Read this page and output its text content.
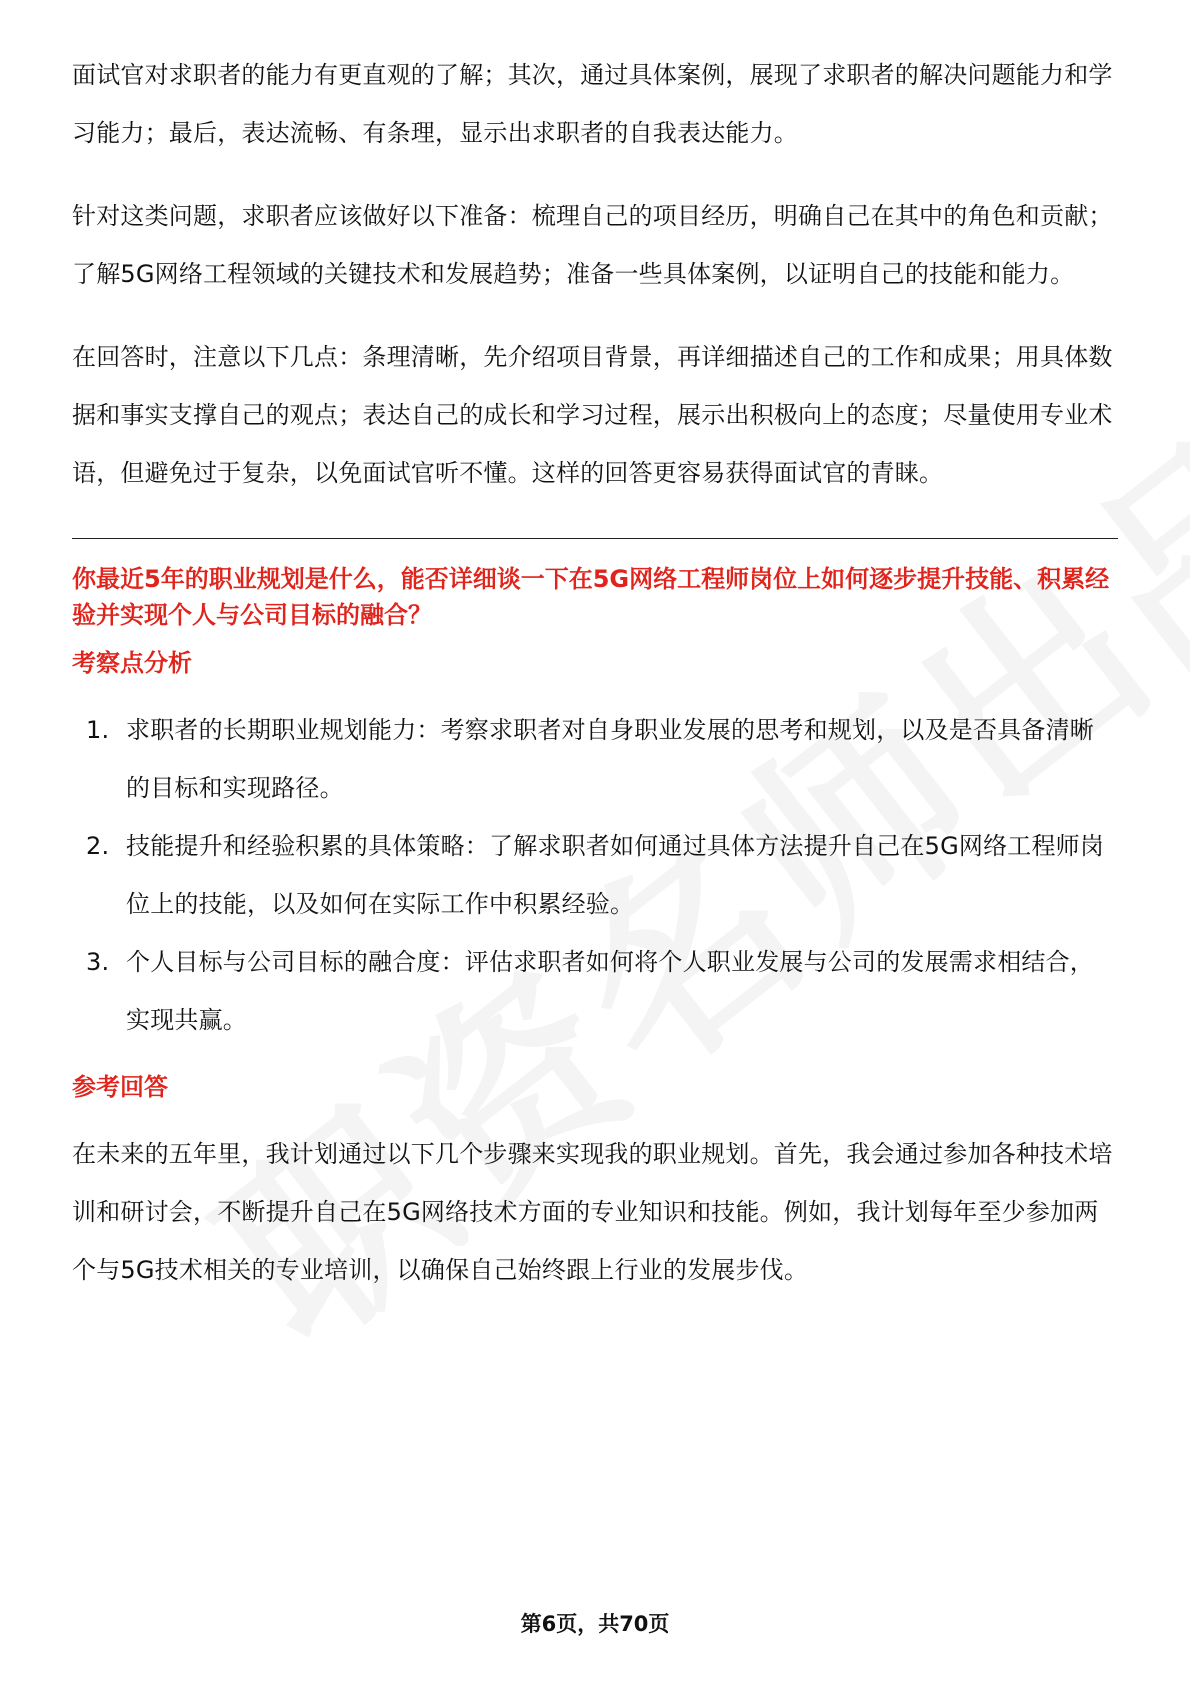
面试官对求职者的能力有更直观的了解；其次，通过具体案例，展现了求职者的解决问题能力和学习能力；最后，表达流畅、有条理，显示出求职者的自我表达能力。

针对这类问题，求职者应该做好以下准备：梳理自己的项目经历，明确自己在其中的角色和贡献；了解5G网络工程领域的关键技术和发展趋势；准备一些具体案例，以证明自己的技能和能力。

在回答时，注意以下几点：条理清晰，先介绍项目背景，再详细描述自己的工作和成果；用具体数据和事实支撑自己的观点；表达自己的成长和学习过程，展示出积极向上的态度；尽量使用专业术语，但避免过于复杂，以免面试官听不懂。这样的回答更容易获得面试官的青睐。

你最近5年的职业规划是什么，能否详细谈一下在5G网络工程师岗位上如何逐步提升技能、积累经验并实现个人与公司目标的融合？
考察点分析
1. 求职者的长期职业规划能力：考察求职者对自身职业发展的思考和规划，以及是否具备清晰的目标和实现路径。
2. 技能提升和经验积累的具体策略：了解求职者如何通过具体方法提升自己在5G网络工程师岗位上的技能，以及如何在实际工作中积累经验。
3. 个人目标与公司目标的融合度：评估求职者如何将个人职业发展与公司的发展需求相结合，实现共赢。
参考回答

在未来的五年里，我计划通过以下几个步骤来实现我的职业规划。首先，我会通过参加各种技术培训和研讨会，不断提升自己在5G网络技术方面的专业知识和技能。例如，我计划每年至少参加两个与5G技术相关的专业培训，以确保自己始终跟上行业的发展步伐。

第6页，共70页
